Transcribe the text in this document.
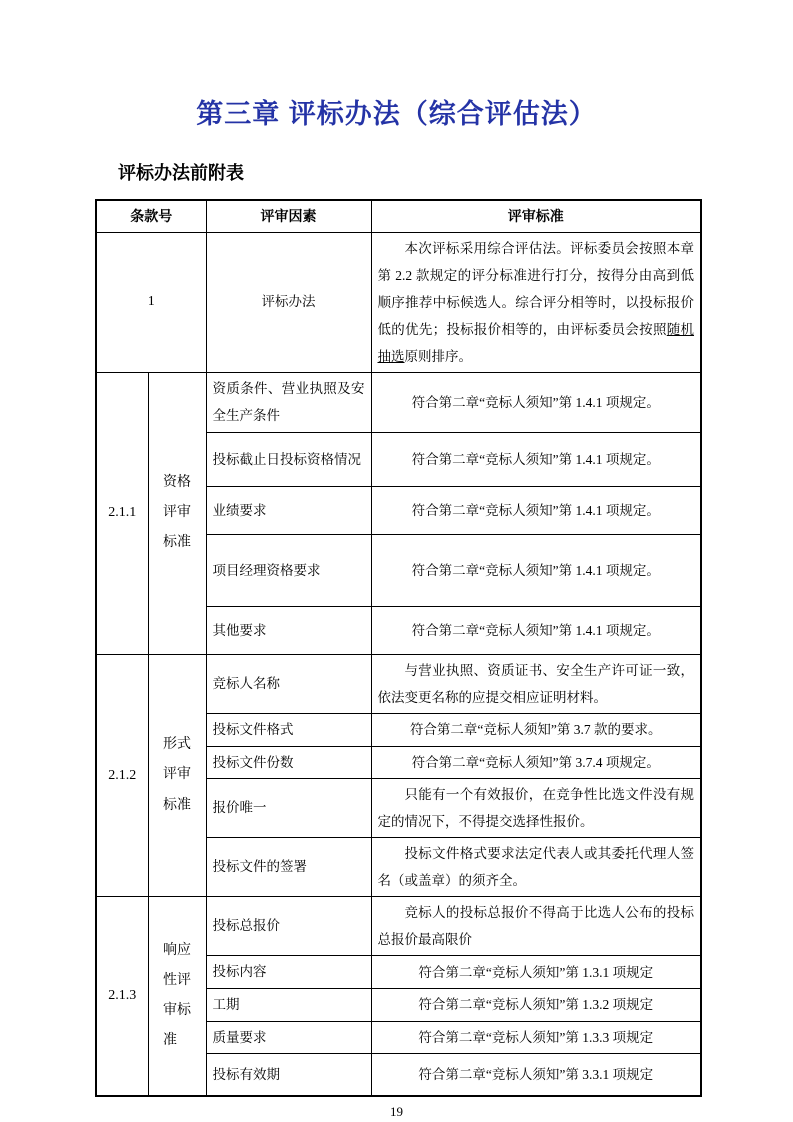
第三章 评标办法（综合评估法）
评标办法前附表
条款号		评审因素	评审标准
1		评标办法	本次评标采用综合评估法。评标委员会按照本章第 2.2 款规定的评分标准进行打分，按得分由高到低顺序推荐中标候选人。综合评分相等时，以投标报价低的优先；投标报价相等的，由评标委员会按照随机抽选原则排序。
2.1.1	资格评审标准	资质条件、营业执照及安全生产条件	符合第二章“竞标人须知”第 1.4.1 项规定。
		投标截止日投标资格情况	符合第二章“竞标人须知”第 1.4.1 项规定。
		业绩要求	符合第二章“竞标人须知”第 1.4.1 项规定。
		项目经理资格要求	符合第二章“竞标人须知”第 1.4.1 项规定。
		其他要求	符合第二章“竞标人须知”第 1.4.1 项规定。
2.1.2	形式评审标准	竞标人名称	与营业执照、资质证书、安全生产许可证一致，依法变更名称的应提交相应证明材料。
		投标文件格式	符合第二章“竞标人须知”第 3.7 款的要求。
		投标文件份数	符合第二章“竞标人须知”第 3.7.4 项规定。
		报价唯一	只能有一个有效报价，在竞争性比选文件没有规定的情况下，不得提交选择性报价。
		投标文件的签署	投标文件格式要求法定代表人或其委托代理人签名（或盖章）的须齐全。
2.1.3	响应性评审标准	投标总报价	竞标人的投标总报价不得高于比选人公布的投标总报价最高限价
		投标内容	符合第二章“竞标人须知”第 1.3.1 项规定
		工期	符合第二章“竞标人须知”第 1.3.2 项规定
		质量要求	符合第二章“竞标人须知”第 1.3.3 项规定
		投标有效期	符合第二章“竞标人须知”第 3.3.1 项规定
19
